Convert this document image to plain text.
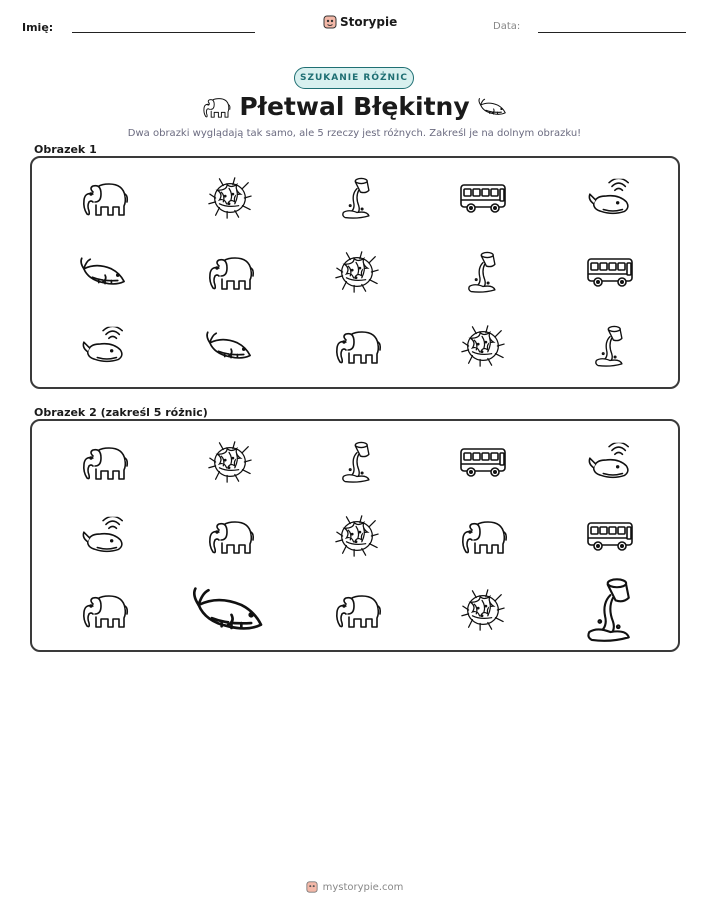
Imię:	Storypie	Data:
SZUKANIE RÓŻNIC
Płetwal Błękitny
Dwa obrazki wyglądają tak samo, ale 5 rzeczy jest różnych. Zakreśl je na dolnym obrazku!
Obrazek 1
Obrazek 2 (zakreśl 5 różnic)
mystorypie.com
